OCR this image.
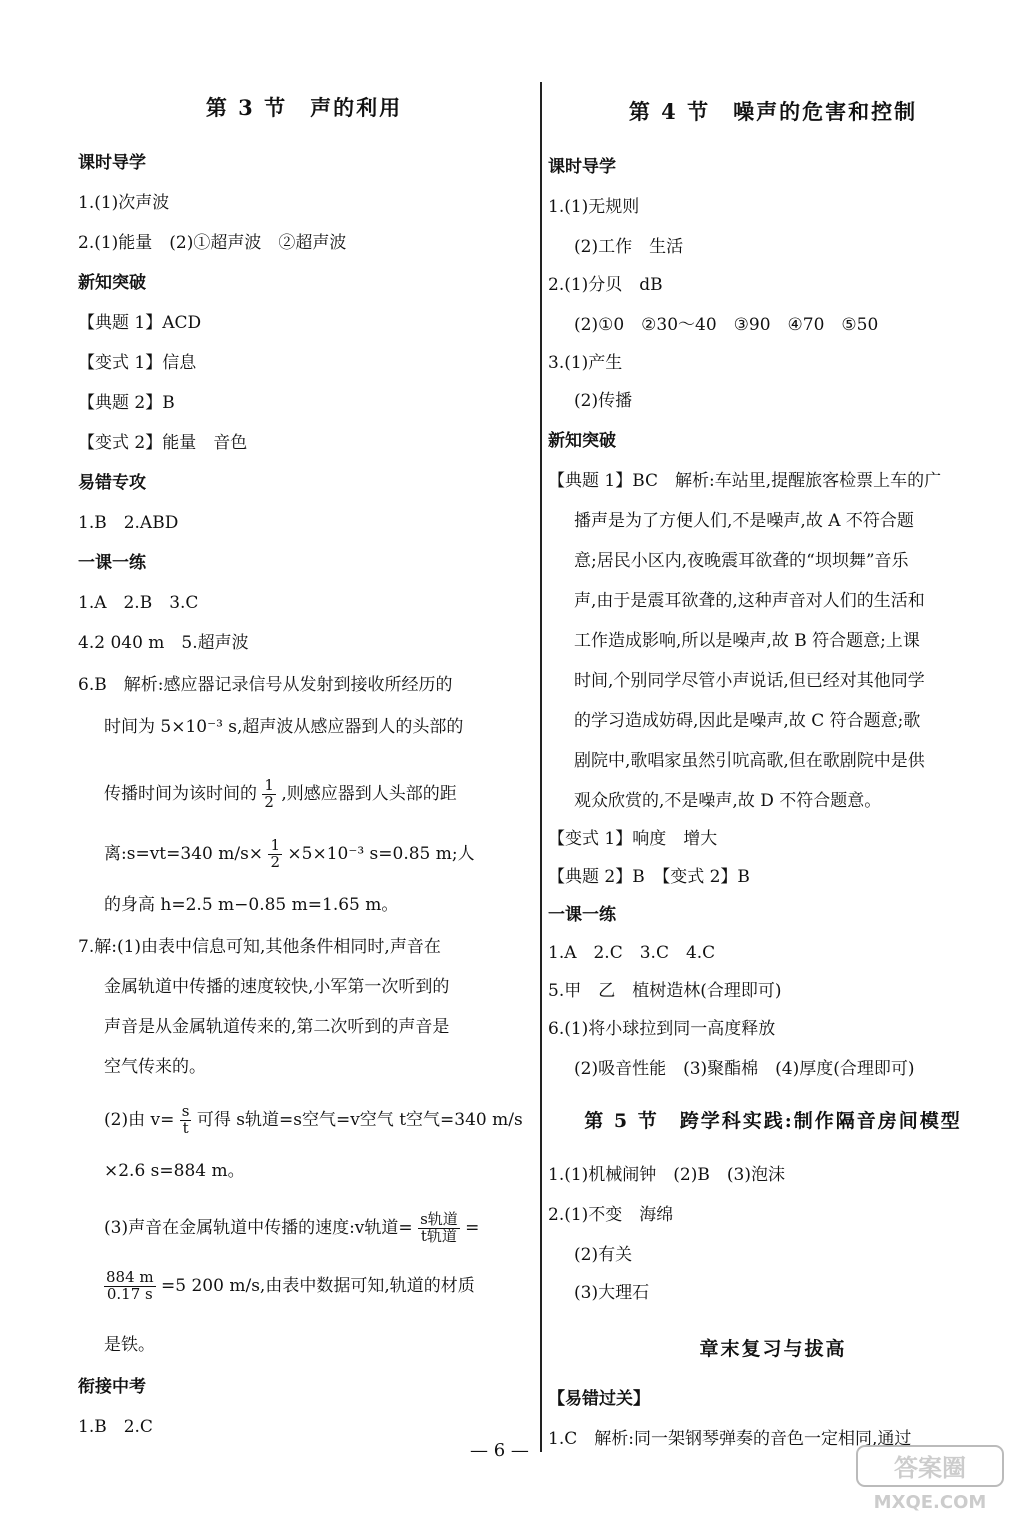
第 3 节　声的利用
课时导学
1.(1)次声波
2.(1)能量　(2)①超声波　②超声波
新知突破
【典题 1】ACD
【变式 1】信息
【典题 2】B
【变式 2】能量　音色
易错专攻
1.B　2.ABD
一课一练
1.A　2.B　3.C
4.2 040 m　5.超声波
6.B　解析:感应器记录信号从发射到接收所经历的
时间为 5×10⁻³ s,超声波从感应器到人的头部的
传播时间为该时间的 $\frac{1}{2}$ ,则感应器到人头部的距
离:s=vt=340 $m/s\times \frac{1}{2} \times 5\times 10^{-3}$ s=0.85 m;人
的身高 h=2.5 m−0.85 m=1.65 m。
7.解:(1)由表中信息可知,其他条件相同时,声音在
金属轨道中传播的速度较快,小军第一次听到的
声音是从金属轨道传来的,第二次听到的声音是
空气传来的。
(2)由 $v= \frac{s}{t}$ 可得 s轨道=s空气=v空气 t空气=340 m/s
×2.6 s=884 m。
(3)声音在金属轨道中传播的速度:v轨道= $\frac{\text{s轨道}}{\text{t轨道}}$ =
$\frac{884 m}{0.17 s} =5$ 200 m/s,由表中数据可知,轨道的材质
是铁。
衔接中考
1.B　2.C
第 4 节　噪声的危害和控制
课时导学
1.(1)无规则
(2)工作　生活
2.(1)分贝　dB
(2)①0　②30～40　③90　④70　⑤50
3.(1)产生
(2)传播
新知突破
【典题 1】BC　解析:车站里,提醒旅客检票上车的广
播声是为了方便人们,不是噪声,故 A 不符合题
意;居民小区内,夜晚震耳欲聋的“坝坝舞”音乐
声,由于是震耳欲聋的,这种声音对人们的生活和
工作造成影响,所以是噪声,故 B 符合题意;上课
时间,个别同学尽管小声说话,但已经对其他同学
的学习造成妨碍,因此是噪声,故 C 符合题意;歌
剧院中,歌唱家虽然引吭高歌,但在歌剧院中是供
观众欣赏的,不是噪声,故 D 不符合题意。
【变式 1】响度　增大
【典题 2】B　【变式 2】B
一课一练
1.A　2.C　3.C　4.C
5.甲　乙　植树造林(合理即可)
6.(1)将小球拉到同一高度释放
(2)吸音性能　(3)聚酯棉　(4)厚度(合理即可)
第 5 节　跨学科实践:制作隔音房间模型
1.(1)机械闹钟　(2)B　(3)泡沫
2.(1)不变　海绵
(2)有关
(3)大理石
章末复习与拔高
【易错过关】
1.C　解析:同一架钢琴弹奏的音色一定相同,通过
— 6 —
答案圈
MXQE.COM
